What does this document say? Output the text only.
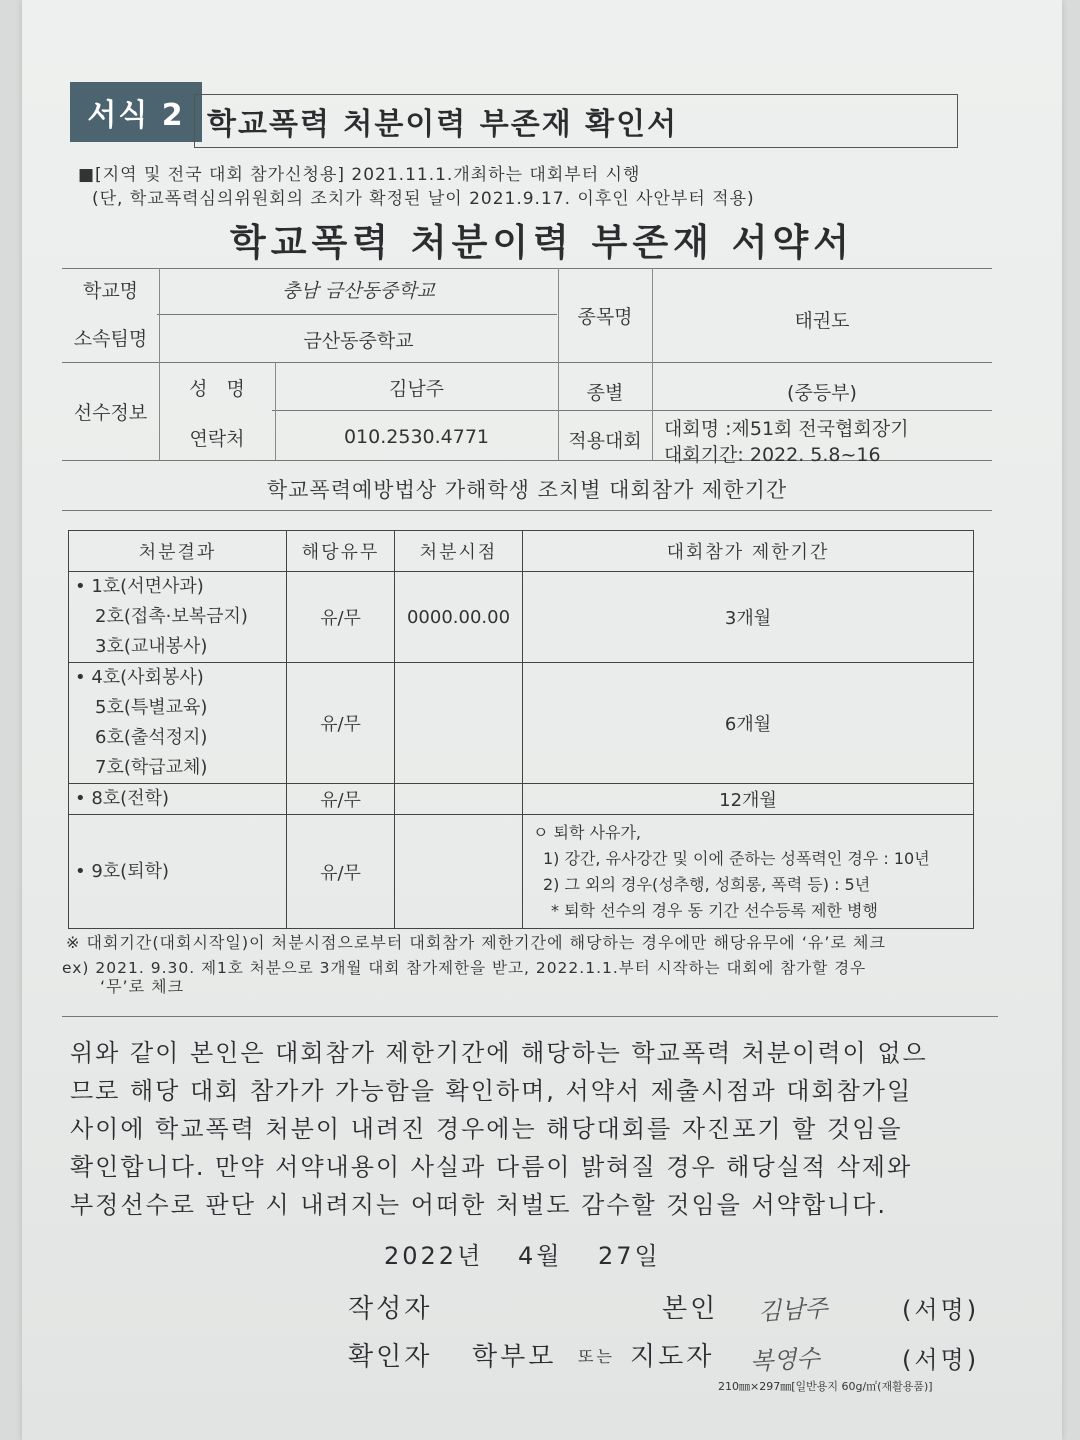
서식 2 학교폭력 처분이력 부존재 확인서
■[지역 및 전국 대회 참가신청용] 2021.11.1.개최하는 대회부터 시행
(단, 학교폭력심의위원회의 조치가 확정된 날이 2021.9.17. 이후인 사안부터 적용)
학교폭력 처분이력 부존재 서약서
학교명	충남 금산동중학교
소속팀명	금산동중학교
종목명	태권도
선수정보
성　명	김남주
연락처	010.2530.4771
종별	(중등부)
적용대회
대회명 :제51회 전국협회장기
대회기간: 2022. 5.8~16
학교폭력예방법상 가해학생 조치별 대회참가 제한기간
처분결과	해당유무	처분시점	대회참가 제한기간

• 1호(서면사과)
2호(접촉·보복금지)
3호(교내봉사)	유/무	0000.00.00	3개월

• 4호(사회봉사)
5호(특별교육)
6호(출석정지)
7호(학급교체)	유/무		6개월

• 8호(전학)	유/무		12개월

• 9호(퇴학)	유/무		ㅇ 퇴학 사유가,
1) 강간, 유사강간 및 이에 준하는 성폭력인 경우 : 10년
2) 그 외의 경우(성추행, 성희롱, 폭력 등) : 5년
* 퇴학 선수의 경우 동 기간 선수등록 제한 병행
※ 대회기간(대회시작일)이 처분시점으로부터 대회참가 제한기간에 해당하는 경우에만 해당유무에 ‘유’로 체크
ex) 2021. 9.30. 제1호 처분으로 3개월 대회 참가제한을 받고, 2022.1.1.부터 시작하는 대회에 참가할 경우
‘무’로 체크
위와 같이 본인은 대회참가 제한기간에 해당하는 학교폭력 처분이력이 없으
므로 해당 대회 참가가 가능함을 확인하며, 서약서 제출시점과 대회참가일
사이에 학교폭력 처분이 내려진 경우에는 해당대회를 자진포기 할 것임을
확인합니다. 만약 서약내용이 사실과 다름이 밝혀질 경우 해당실적 삭제와
부정선수로 판단 시 내려지는 어떠한 처벌도 감수할 것임을 서약합니다.
2022년 4월 27일
작성자	본인 김남주	(서명)
확인자 학부모 또는 지도자 복영수	(서명)
210㎜×297㎜[일반용지 60g/㎡(재활용품)]
